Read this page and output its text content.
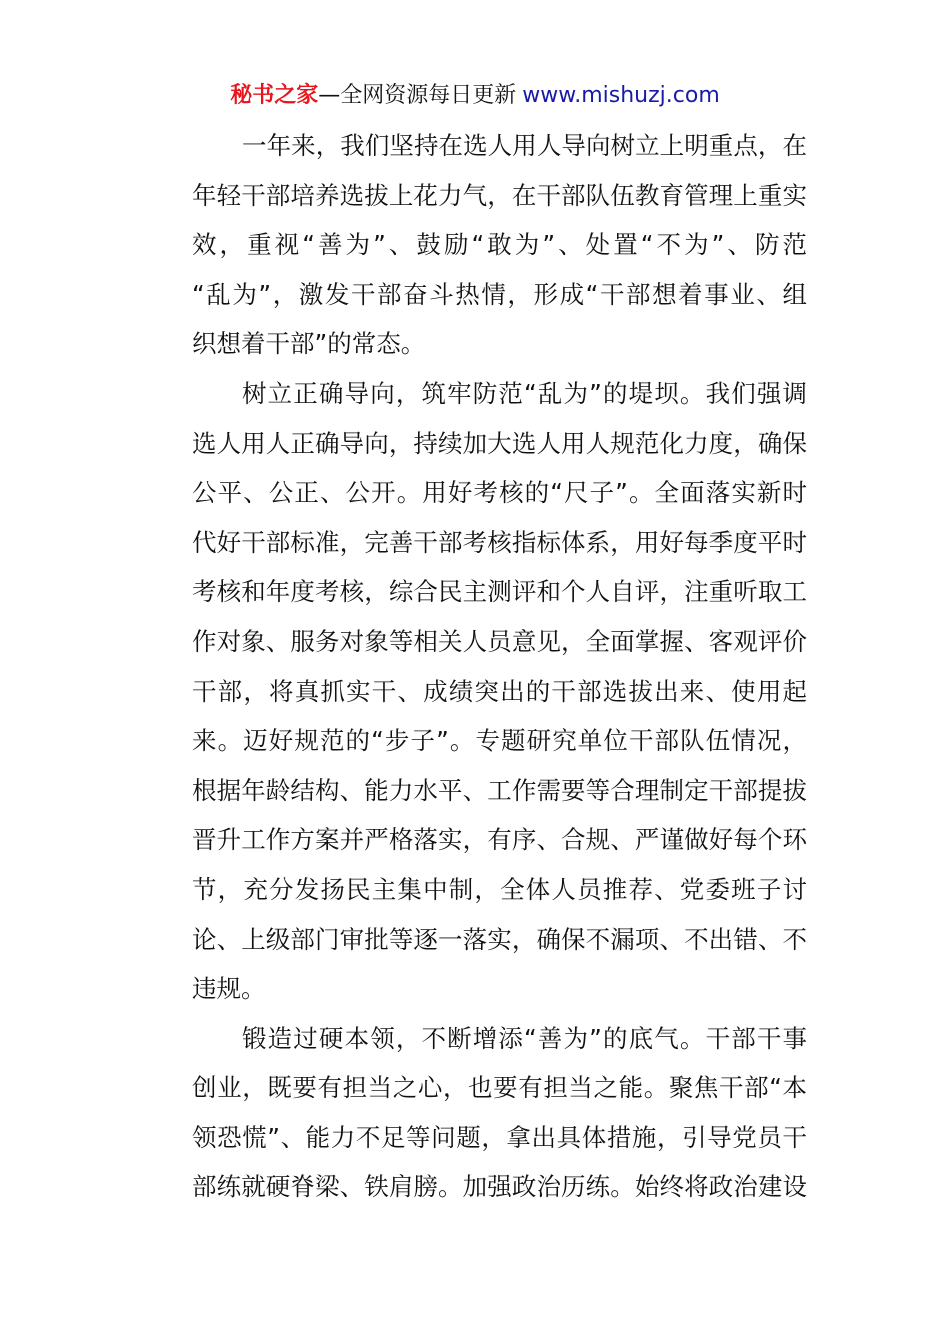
秘书之家—全网资源每日更新 www.mishuzj.com
一年来，我们坚持在选人用人导向树立上明重点，在
年轻干部培养选拔上花力气，在干部队伍教育管理上重实
效，重视“善为”、鼓励“敢为”、处置“不为”、防范
“乱为”，激发干部奋斗热情，形成“干部想着事业、组
织想着干部”的常态。
树立正确导向，筑牢防范“乱为”的堤坝。我们强调
选人用人正确导向，持续加大选人用人规范化力度，确保
公平、公正、公开。用好考核的“尺子”。全面落实新时
代好干部标准，完善干部考核指标体系，用好每季度平时
考核和年度考核，综合民主测评和个人自评，注重听取工
作对象、服务对象等相关人员意见，全面掌握、客观评价
干部，将真抓实干、成绩突出的干部选拔出来、使用起
来。迈好规范的“步子”。专题研究单位干部队伍情况，
根据年龄结构、能力水平、工作需要等合理制定干部提拔
晋升工作方案并严格落实，有序、合规、严谨做好每个环
节，充分发扬民主集中制，全体人员推荐、党委班子讨
论、上级部门审批等逐一落实，确保不漏项、不出错、不
违规。
锻造过硬本领，不断增添“善为”的底气。干部干事
创业，既要有担当之心，也要有担当之能。聚焦干部“本
领恐慌”、能力不足等问题，拿出具体措施，引导党员干
部练就硬脊梁、铁肩膀。加强政治历练。始终将政治建设
